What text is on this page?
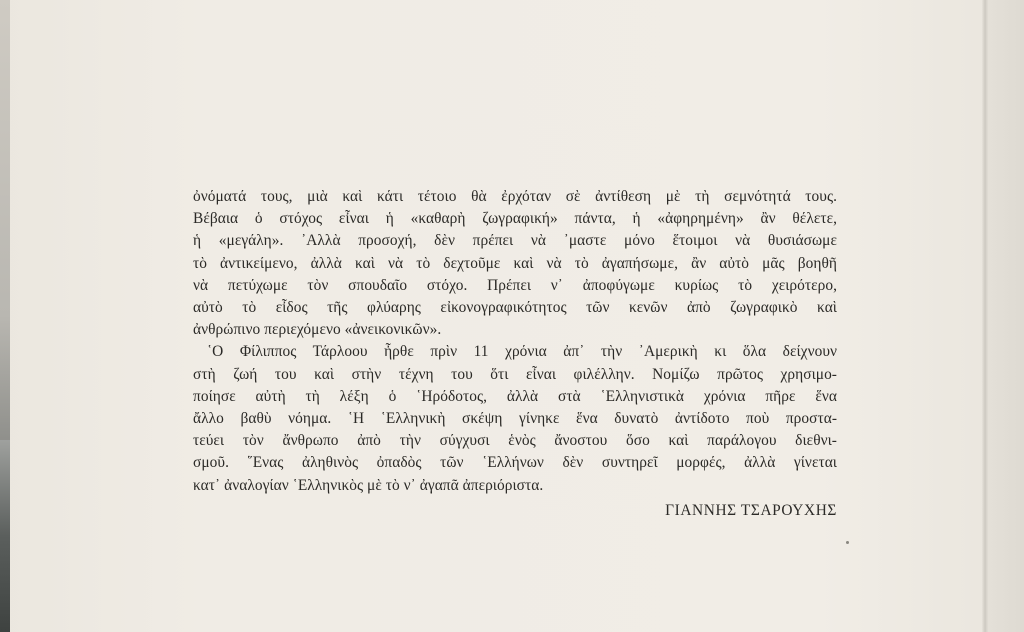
ὀνόματά τους, μιὰ καὶ κάτι τέτοιο θὰ ἐρχόταν σὲ ἀντίθεση μὲ τὴ σεμνότητά τους.
Βέβαια ὁ στόχος εἶναι ἡ «καθαρὴ ζωγραφική» πάντα, ἡ «ἀφηρημένη» ἂν θέλετε,
ἡ «μεγάλη». ᾿Αλλὰ προσοχή, δὲν πρέπει νὰ ᾿μαστε μόνο ἕτοιμοι νὰ θυσιάσωμε
τὸ ἀντικείμενο, ἀλλὰ καὶ νὰ τὸ δεχτοῦμε καὶ νὰ τὸ ἀγαπήσωμε, ἂν αὐτὸ μᾶς βοηθῆ
νὰ πετύχωμε τὸν σπουδαῖο στόχο. Πρέπει ν᾿ ἀποφύγωμε κυρίως τὸ χειρότερο,
αὐτὸ τὸ εἶδος τῆς φλύαρης εἰκονογραφικότητος τῶν κενῶν ἀπὸ ζωγραφικὸ καὶ
ἀνθρώπινο περιεχόμενο «ἀνεικονικῶν».
῾Ο Φίλιππος Τάρλοου ἦρθε πρὶν 11 χρόνια ἀπ᾿ τὴν ᾿Αμερικὴ κι ὅλα δείχνουν
στὴ ζωή του καὶ στὴν τέχνη του ὅτι εἶναι φιλέλλην. Νομίζω πρῶτος χρησιμο-
ποίησε αὐτὴ τὴ λέξη ὁ ῾Ηρόδοτος, ἀλλὰ στὰ ῾Ελληνιστικὰ χρόνια πῆρε ἕνα
ἄλλο βαθὺ νόημα. ῾Η ῾Ελληνικὴ σκέψη γίνηκε ἕνα δυνατὸ ἀντίδοτο ποὺ προστα-
τεύει τὸν ἄνθρωπο ἀπὸ τὴν σύγχυσι ἑνὸς ἄνοστου ὅσο καὶ παράλογου διεθνι-
σμοῦ. ῞Ενας ἀληθινὸς ὀπαδὸς τῶν ῾Ελλήνων δὲν συντηρεῖ μορφές, ἀλλὰ γίνεται
κατ᾿ ἀναλογίαν ῾Ελληνικὸς μὲ τὸ ν᾿ ἀγαπᾶ ἀπεριόριστα.
ΓΙΑΝΝΗΣ ΤΣΑΡΟΥΧΗΣ
